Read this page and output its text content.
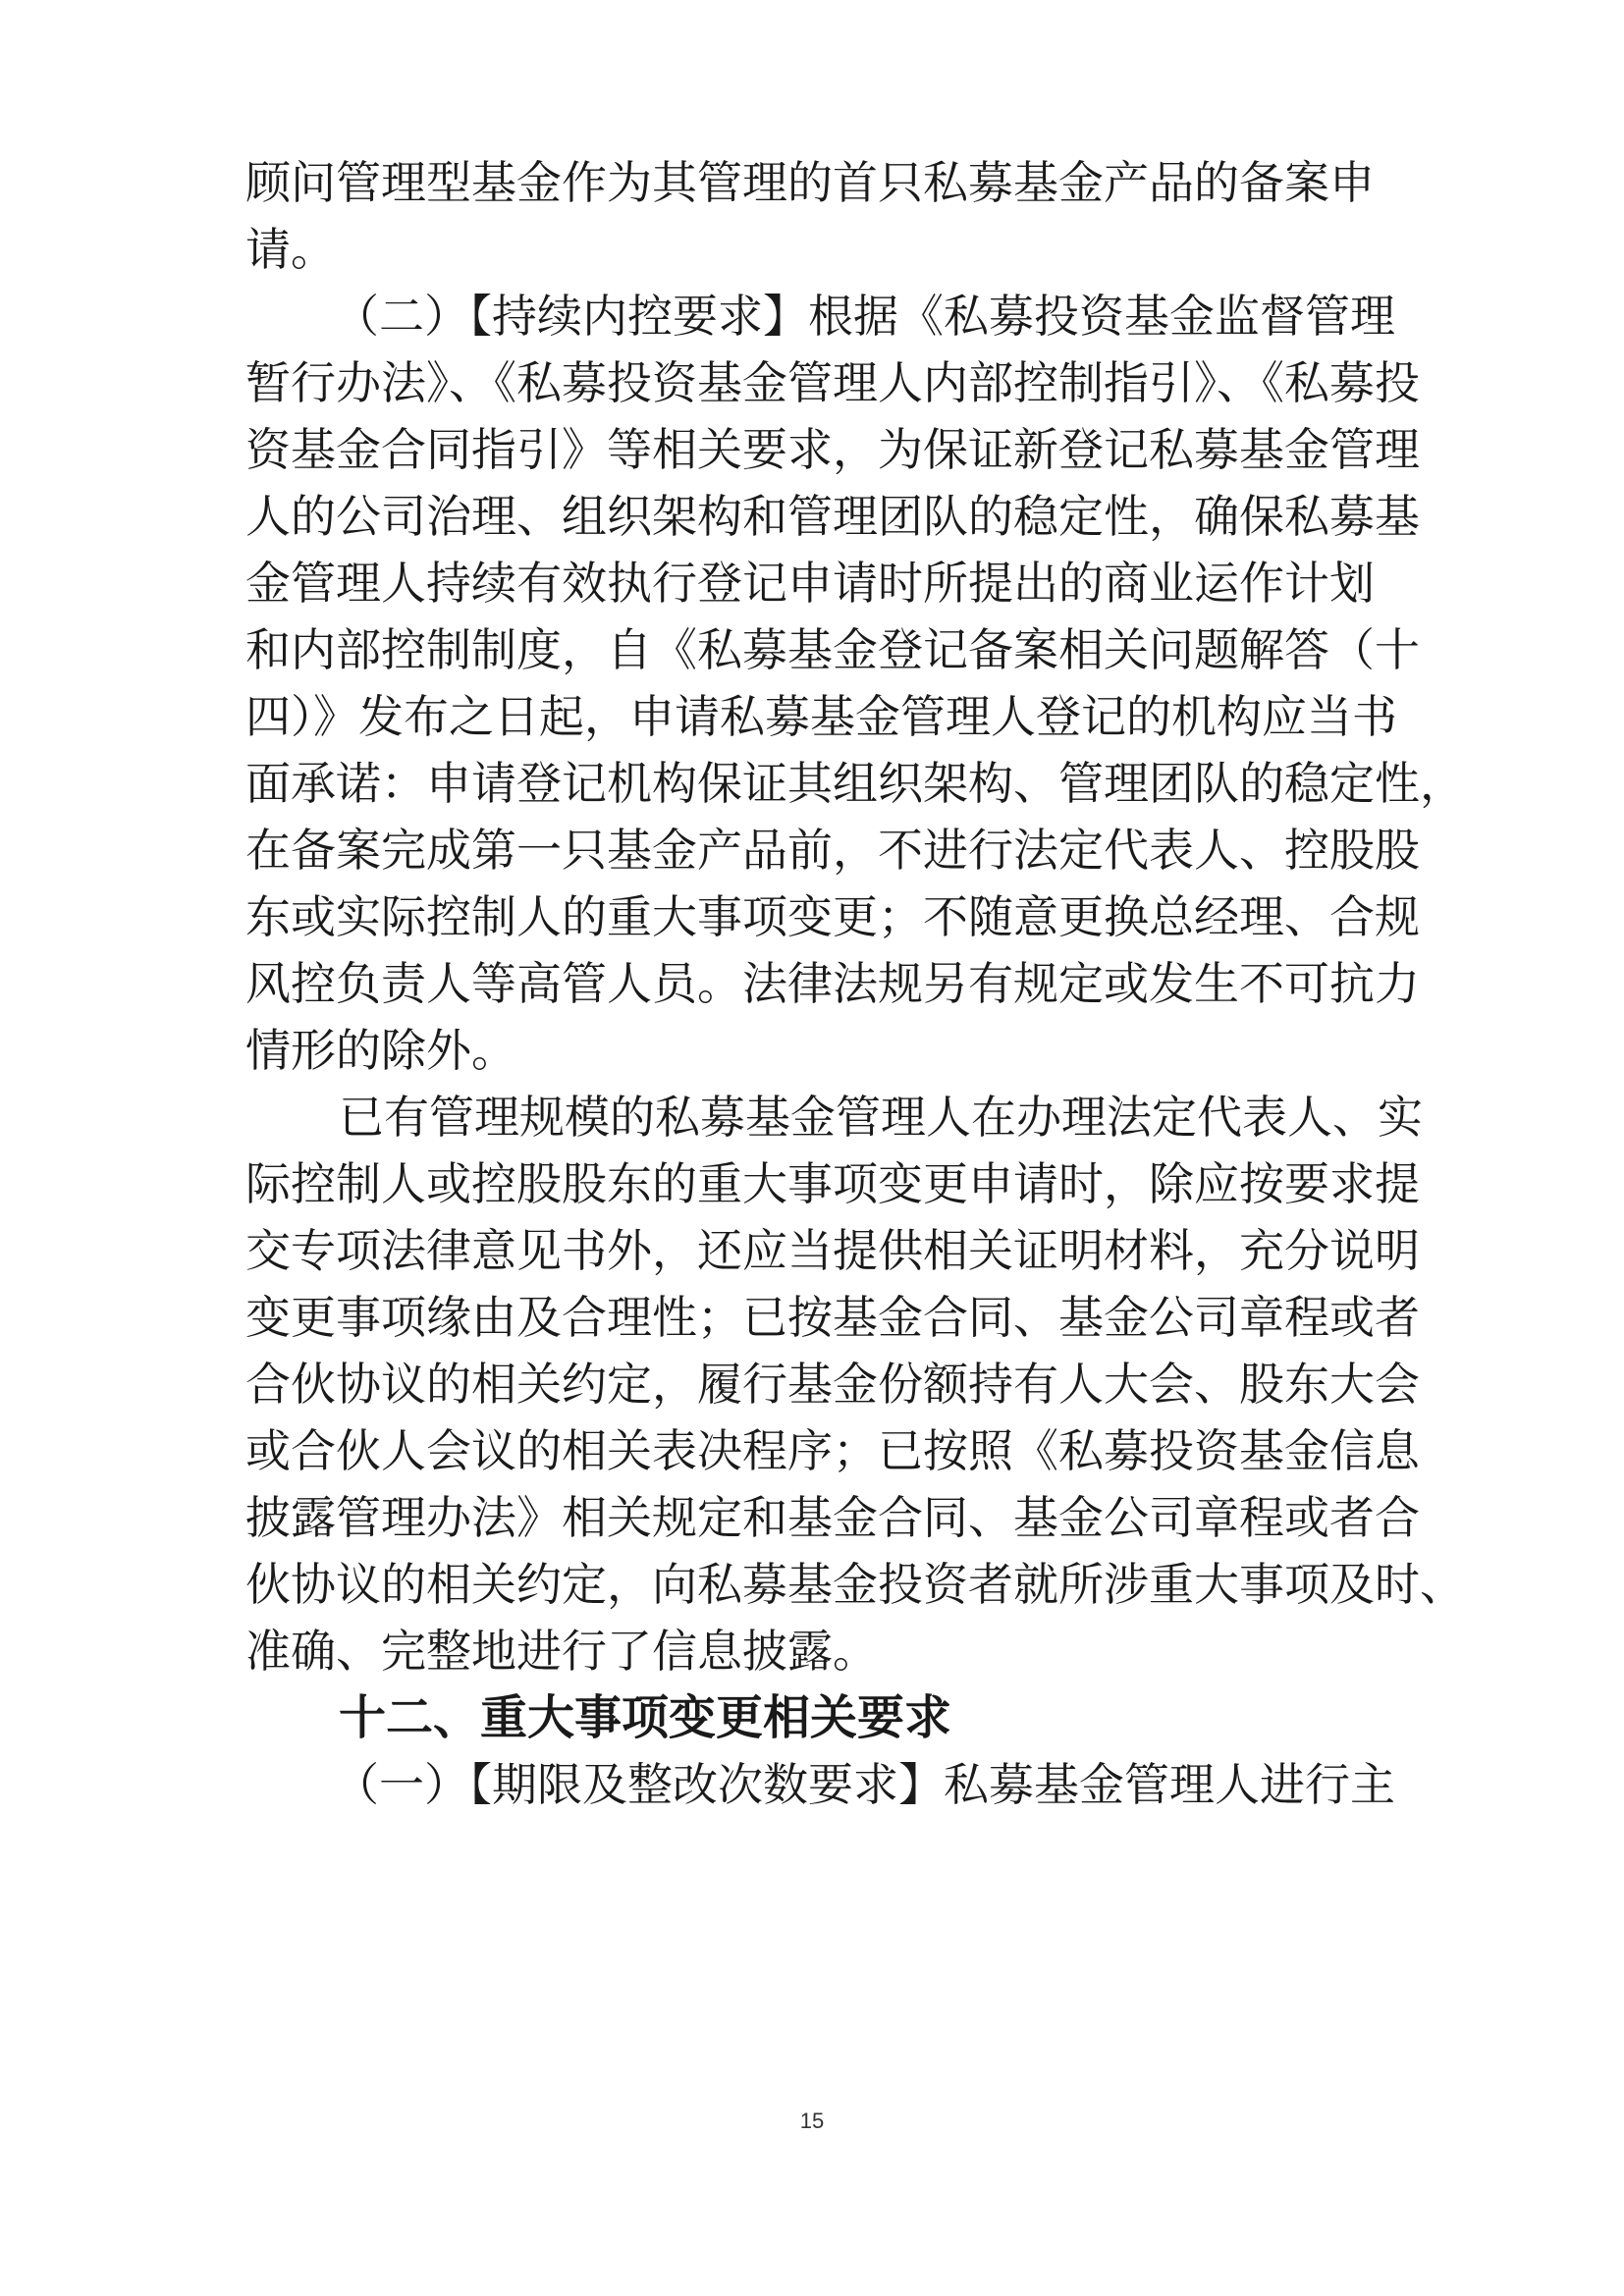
顾问管理型基金作为其管理的首只私募基金产品的备案申
请。
（二）【持续内控要求】根据《私募投资基金监督管理
暂行办法》、《私募投资基金管理人内部控制指引》、《私募投
资基金合同指引》等相关要求，为保证新登记私募基金管理
人的公司治理、组织架构和管理团队的稳定性，确保私募基
金管理人持续有效执行登记申请时所提出的商业运作计划
和内部控制制度，自《私募基金登记备案相关问题解答（十
四）》发布之日起，申请私募基金管理人登记的机构应当书
面承诺：申请登记机构保证其组织架构、管理团队的稳定性，
在备案完成第一只基金产品前，不进行法定代表人、控股股
东或实际控制人的重大事项变更；不随意更换总经理、合规
风控负责人等高管人员。法律法规另有规定或发生不可抗力
情形的除外。
已有管理规模的私募基金管理人在办理法定代表人、实
际控制人或控股股东的重大事项变更申请时，除应按要求提
交专项法律意见书外，还应当提供相关证明材料，充分说明
变更事项缘由及合理性；已按基金合同、基金公司章程或者
合伙协议的相关约定，履行基金份额持有人大会、股东大会
或合伙人会议的相关表决程序；已按照《私募投资基金信息
披露管理办法》相关规定和基金合同、基金公司章程或者合
伙协议的相关约定，向私募基金投资者就所涉重大事项及时、
准确、完整地进行了信息披露。
十二、重大事项变更相关要求
（一）【期限及整改次数要求】私募基金管理人进行主
15
